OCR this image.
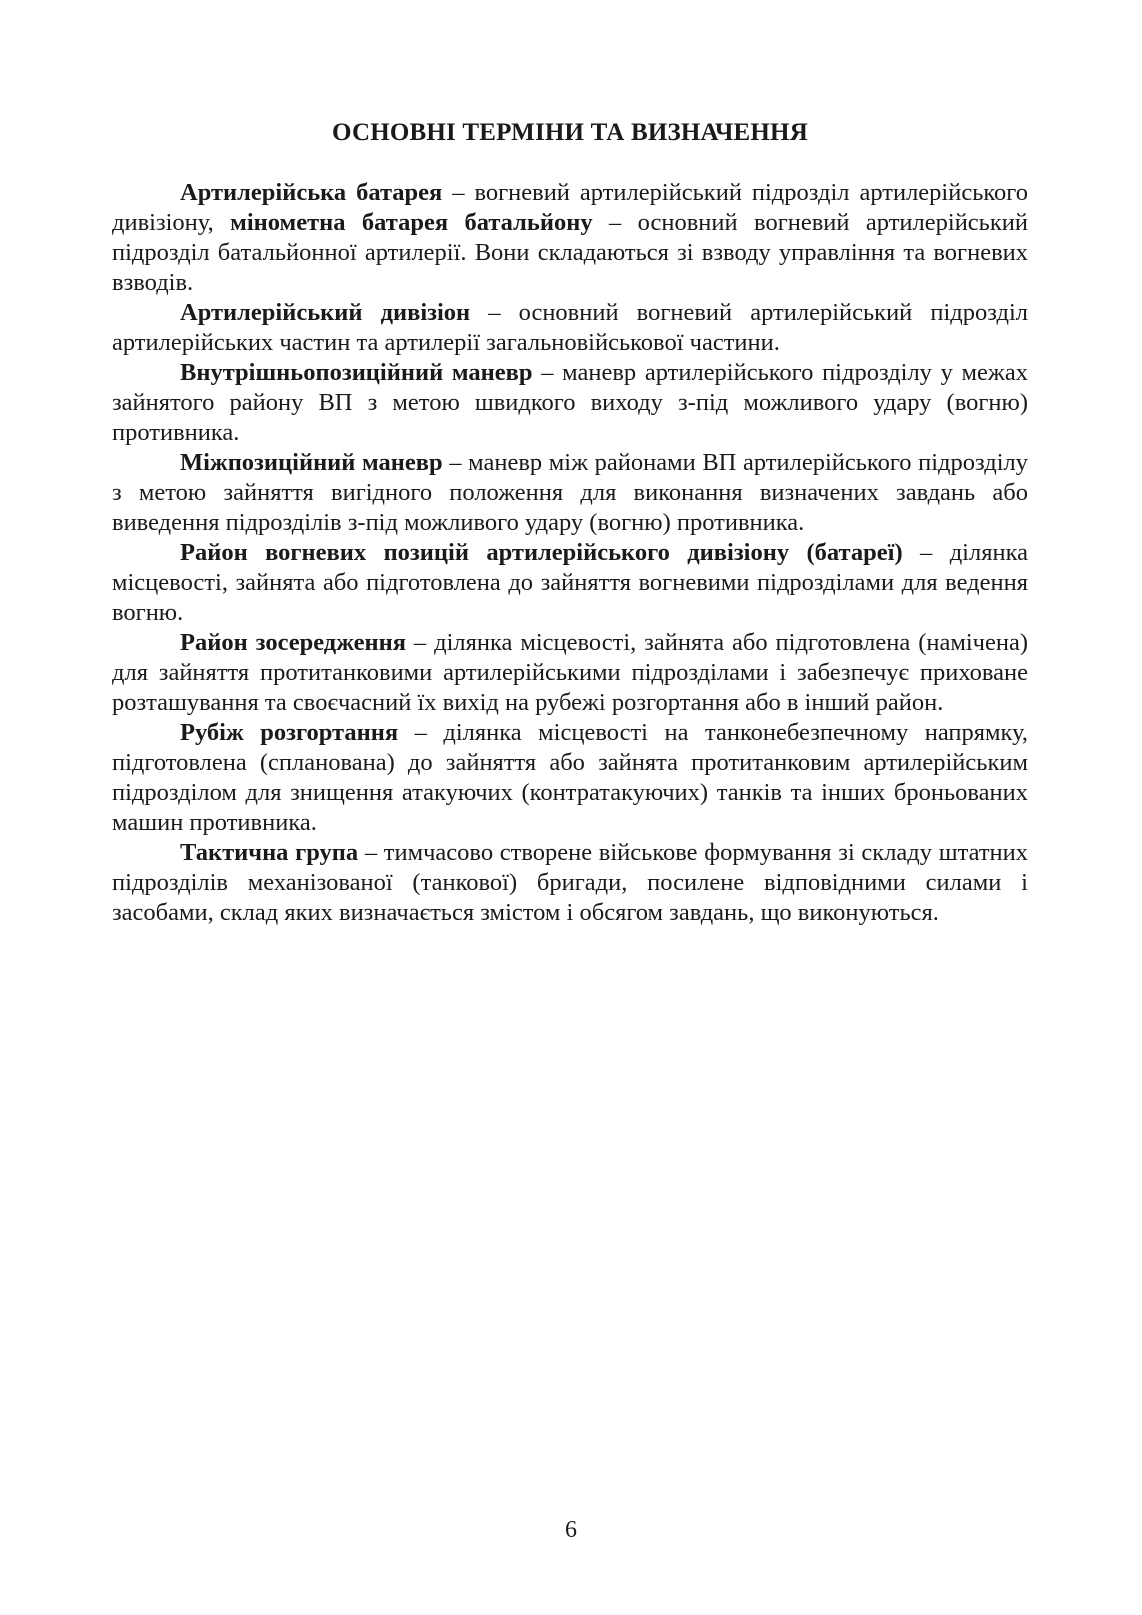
ОСНОВНІ ТЕРМІНИ ТА ВИЗНАЧЕННЯ

Артилерійська батарея – вогневий артилерійський підрозділ артилерійського дивізіону, мінометна батарея батальйону – основний вогневий артилерійський підрозділ батальйонної артилерії. Вони складаються зі взводу управління та вогневих взводів.

Артилерійський дивізіон – основний вогневий артилерійський підрозділ артилерійських частин та артилерії загальновійськової частини.

Внутрішньопозиційний маневр – маневр артилерійського підрозділу у межах зайнятого району ВП з метою швидкого виходу з-під можливого удару (вогню) противника.

Міжпозиційний маневр – маневр між районами ВП артилерійського підрозділу з метою зайняття вигідного положення для виконання визначених завдань або виведення підрозділів з-під можливого удару (вогню) противника.

Район вогневих позицій артилерійського дивізіону (батареї) – ділянка місцевості, зайнята або підготовлена до зайняття вогневими підрозділами для ведення вогню.

Район зосередження – ділянка місцевості, зайнята або підготовлена (намічена) для зайняття протитанковими артилерійськими підрозділами і забезпечує приховане розташування та своєчасний їх вихід на рубежі розгортання або в інший район.

Рубіж розгортання – ділянка місцевості на танконебезпечному напрямку, підготовлена (спланована) до зайняття або зайнята протитанковим артилерійським підрозділом для знищення атакуючих (контратакуючих) танків та інших броньованих машин противника.

Тактична група – тимчасово створене військове формування зі складу штатних підрозділів механізованої (танкової) бригади, посилене відповідними силами і засобами, склад яких визначається змістом і обсягом завдань, що виконуються.

6
